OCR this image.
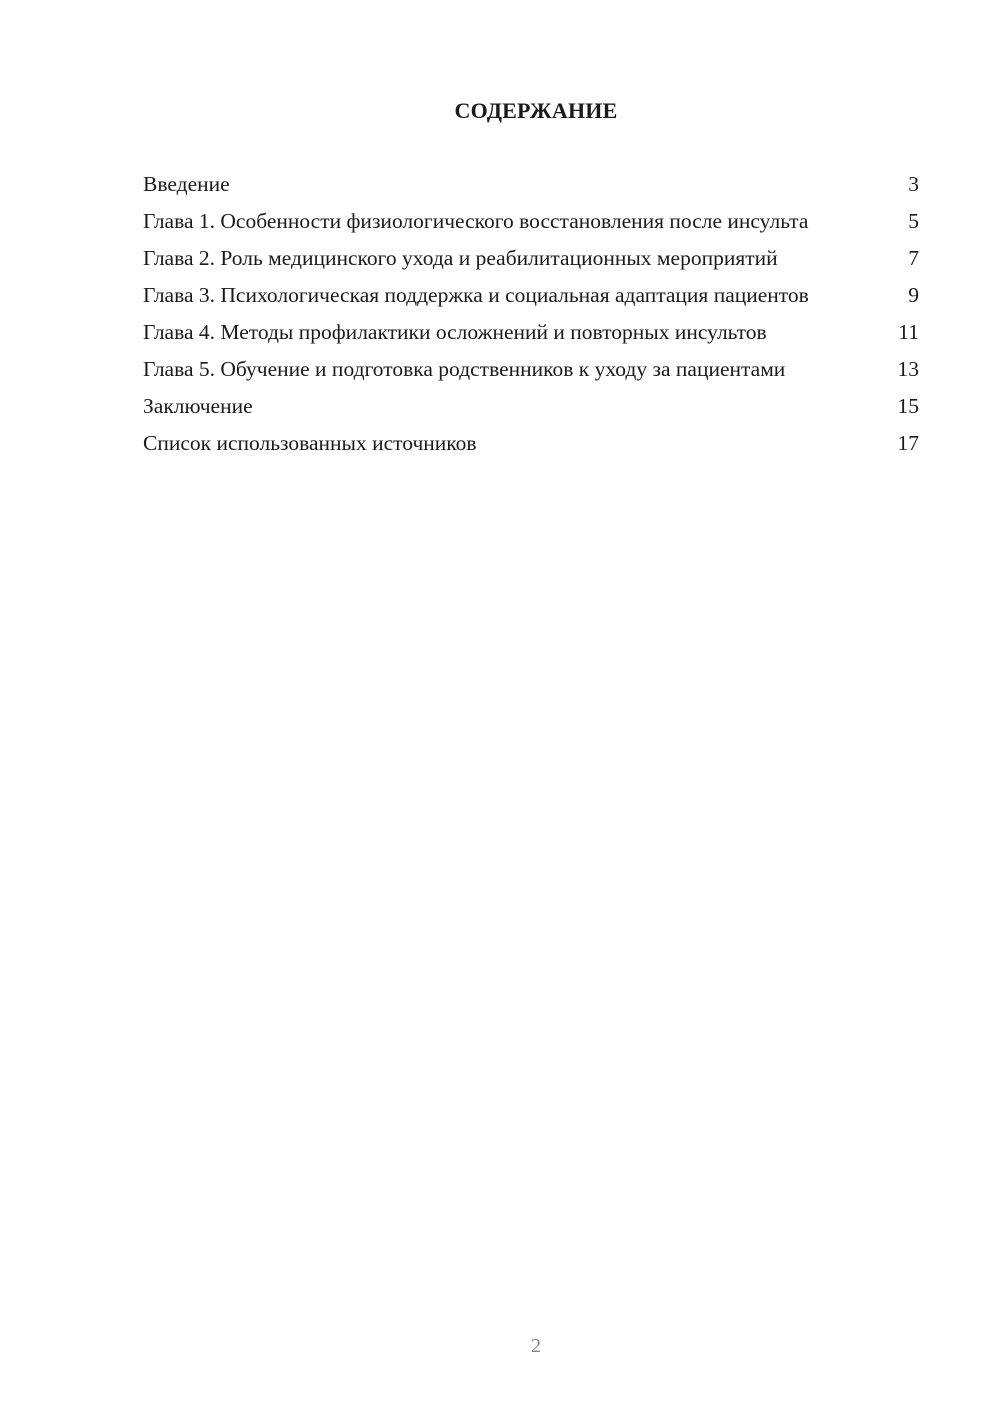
СОДЕРЖАНИЕ
Введение	3
Глава 1. Особенности физиологического восстановления после инсульта	5
Глава 2. Роль медицинского ухода и реабилитационных мероприятий	7
Глава 3. Психологическая поддержка и социальная адаптация пациентов	9
Глава 4. Методы профилактики осложнений и повторных инсультов	11
Глава 5. Обучение и подготовка родственников к уходу за пациентами	13
Заключение	15
Список использованных источников	17
2
